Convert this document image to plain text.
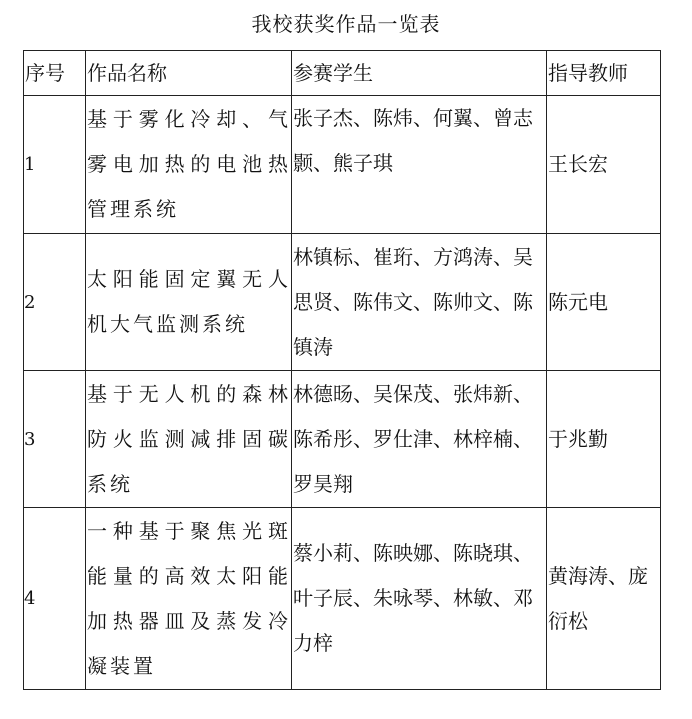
我校获奖作品一览表
序号	作品名称	参赛学生	指导教师

1	基于雾化冷却、气雾电加热的电池热管理系统	张子杰、陈炜、何翼、曾志颢、熊子琪	王长宏

2	太阳能固定翼无人机大气监测系统	林镇标、崔珩、方鸿涛、吴思贤、陈伟文、陈帅文、陈镇涛	陈元电

3	基于无人机的森林防火监测减排固碳系统	林德旸、吴保茂、张炜新、陈希彤、罗仕津、林梓楠、罗昊翔	于兆勤

4	一种基于聚焦光斑能量的高效太阳能加热器皿及蒸发冷凝装置	蔡小莉、陈映娜、陈晓琪、叶子辰、朱咏琴、林敏、邓力梓	黄海涛、庞衍松
